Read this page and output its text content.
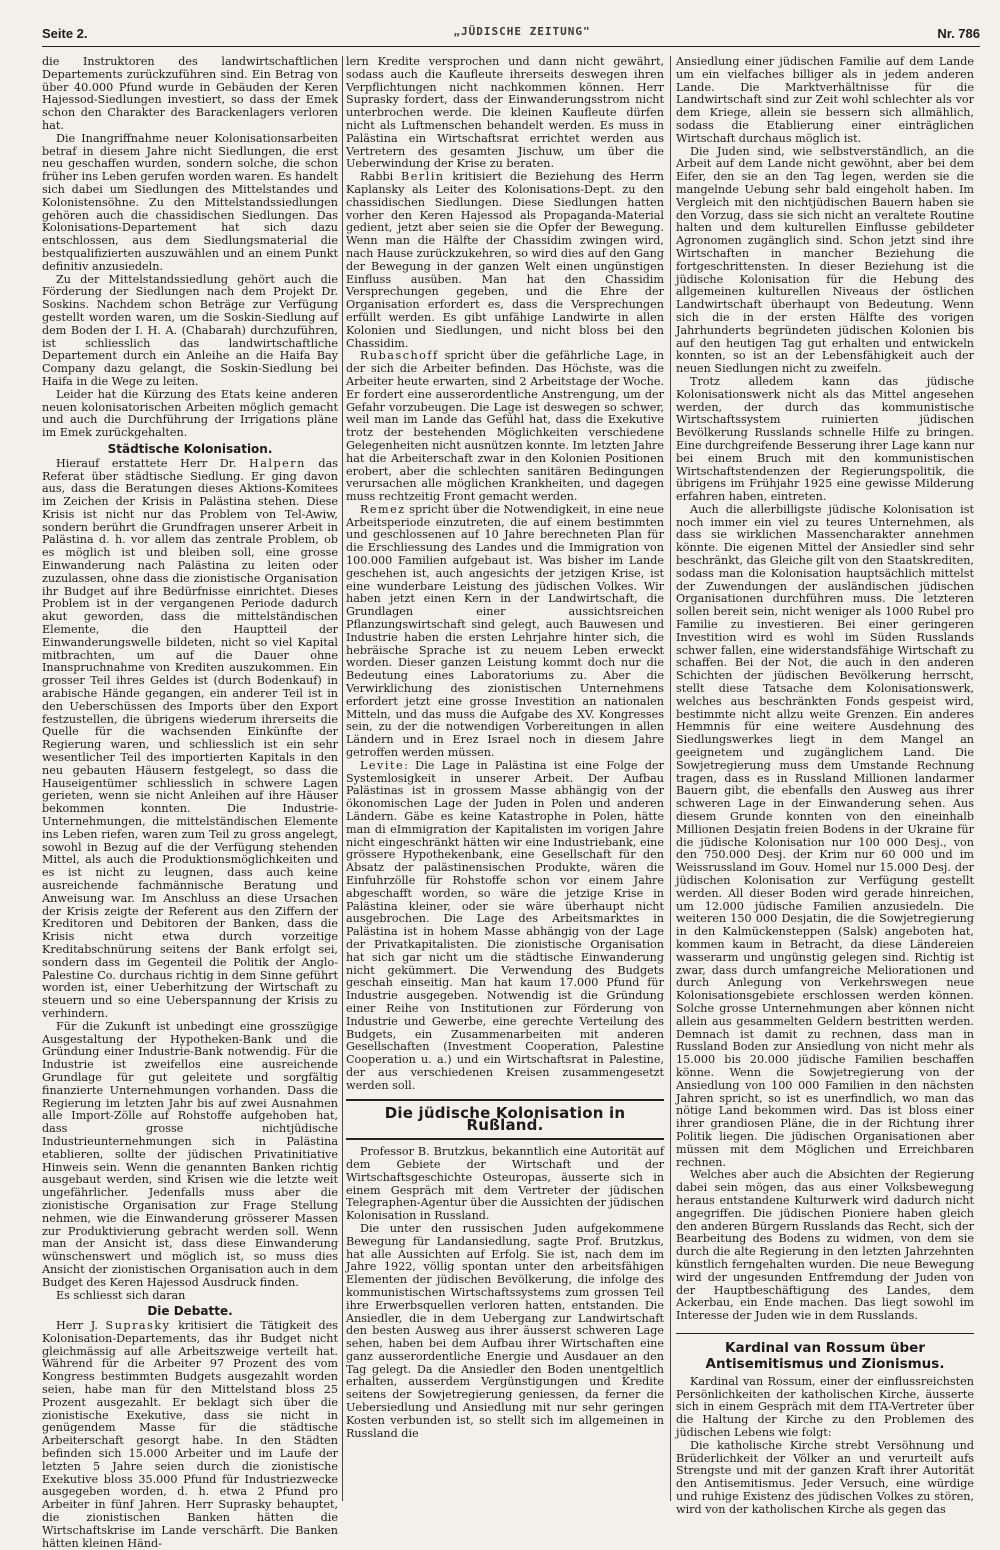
Seite 2.	„JÜDISCHE ZEITUNG"	Nr. 786

die Instruktoren des landwirtschaftlichen Departements zurückzuführen sind. Ein Betrag von über 40.000 Pfund wurde in Gebäuden der Keren Hajessod-Siedlungen investiert, so dass der Emek schon den Charakter des Barackenlagers verloren hat.

Die Inangriffnahme neuer Kolonisationsarbeiten betraf in diesem Jahre nicht Siedlungen, die erst neu geschaffen wurden, sondern solche, die schon früher ins Leben gerufen worden waren. Es handelt sich dabei um Siedlungen des Mittelstandes und Kolonistensöhne. Zu den Mittelstandssiedlungen gehören auch die chassidischen Siedlungen. Das Kolonisations-Departement hat sich dazu entschlossen, aus dem Siedlungsmaterial die bestqualifizierten auszuwählen und an einem Punkt definitiv anzusiedeln.

Zu der Mittelstandssiedlung gehört auch die Förderung der Siedlungen nach dem Projekt Dr. Soskins. Nachdem schon Beträge zur Verfügung gestellt worden waren, um die Soskin-Siedlung auf dem Boden der I. H. A. (Chabarah) durchzuführen, ist schliesslich das landwirtschaftliche Departement durch ein Anleihe an die Haifa Bay Company dazu gelangt, die Soskin-Siedlung bei Haifa in die Wege zu leiten.

Leider hat die Kürzung des Etats keine anderen neuen kolonisatorischen Arbeiten möglich gemacht und auch die Durchführung der Irrigations pläne im Emek zurückgehalten.

Städtische Kolonisation.

Hierauf erstattete Herr Dr. Halpern das Referat über städtische Siedlung. Er ging davon aus, dass die Beratungen dieses Aktions-Komitees im Zeichen der Krisis in Palästina stehen. Diese Krisis ist nicht nur das Problem von Tel-Awiw, sondern berührt die Grundfragen unserer Arbeit in Palästina d. h. vor allem das zentrale Problem, ob es möglich ist und bleiben soll, eine grosse Einwanderung nach Palästina zu leiten oder zuzulassen, ohne dass die zionistische Organisation ihr Budget auf ihre Bedürfnisse einrichtet. Dieses Problem ist in der vergangenen Periode dadurch akut geworden, dass die mittelständischen Elemente, die den Hauptteil der Einwanderungswelle bildeten, nicht so viel Kapital mitbrachten, um auf die Dauer ohne Inanspruchnahme von Krediten auszukommen. Ein grosser Teil ihres Geldes ist (durch Bodenkauf) in arabische Hände gegangen, ein anderer Teil ist in den Ueberschüssen des Imports über den Export festzustellen, die übrigens wiederum ihrerseits die Quelle für die wachsenden Einkünfte der Regierung waren, und schliesslich ist ein sehr wesentlicher Teil des importierten Kapitals in den neu gebauten Häusern festgelegt, so dass die Hauseigentümer schliesslich in schwere Lagen gerieten, wenn sie nicht Anleihen auf ihre Häuser bekommen konnten. Die Industrie-Unternehmungen, die mittelständischen Elemente ins Leben riefen, waren zum Teil zu gross angelegt, sowohl in Bezug auf die der Verfügung stehenden Mittel, als auch die Produktionsmöglichkeiten und es ist nicht zu leugnen, dass auch keine ausreichende fachmännische Beratung und Anweisung war. Im Anschluss an diese Ursachen der Krisis zeigte der Referent aus den Ziffern der Kreditoren und Debitoren der Banken, dass die Krisis nicht etwa durch vorzeitige Kreditabschnürung seitens der Bank erfolgt sei, sondern dass im Gegenteil die Politik der Anglo-Palestine Co. durchaus richtig in dem Sinne geführt worden ist, einer Ueberhitzung der Wirtschaft zu steuern und so eine Ueberspannung der Krisis zu verhindern.

Für die Zukunft ist unbedingt eine grosszügige Ausgestaltung der Hypotheken-Bank und die Gründung einer Industrie-Bank notwendig. Für die Industrie ist zweifellos eine ausreichende Grundlage für gut geleitete und sorgfältig finanzierte Unternehmungen vorhanden. Dass die Regierung im letzten Jahr bis auf zwei Ausnahmen alle Import-Zölle auf Rohstoffe aufgehoben hat, dass grosse nichtjüdische Industrieunternehmungen sich in Palästina etablieren, sollte der jüdischen Privatinitiative Hinweis sein. Wenn die genannten Banken richtig ausgebaut werden, sind Krisen wie die letzte weit ungefährlicher. Jedenfalls muss aber die zionistische Organisation zur Frage Stellung nehmen, wie die Einwanderung grösserer Massen zur Produktivierung gebracht werden soll. Wenn man der Ansicht ist, dass diese Einwanderung wünschenswert und möglich ist, so muss dies Ansicht der zionistischen Organisation auch in dem Budget des Keren Hajessod Ausdruck finden.

Es schliesst sich daran

Die Debatte.

Herr J. Suprasky kritisiert die Tätigkeit des Kolonisation-Departements, das ihr Budget nicht gleichmässig auf alle Arbeitszweige verteilt hat. Während für die Arbeiter 97 Prozent des vom Kongress bestimmten Budgets ausgezahlt worden seien, habe man für den Mittelstand bloss 25 Prozent ausgezahlt. Er beklagt sich über die zionistische Exekutive, dass sie nicht in genügendem Masse für die städtische Arbeiterschaft gesorgt habe. In den Städten befinden sich 15.000 Arbeiter und im Laufe der letzten 5 Jahre seien durch die zionistische Exekutive bloss 35.000 Pfund für Industriezwecke ausgegeben worden, d. h. etwa 2 Pfund pro Arbeiter in fünf Jahren. Herr Suprasky behauptet, die zionistischen Banken hätten die Wirtschaftskrise im Lande verschärft. Die Banken hätten kleinen Händ-

lern Kredite versprochen und dann nicht gewährt, sodass auch die Kaufleute ihrerseits deswegen ihren Verpflichtungen nicht nachkommen können. Herr Suprasky fordert, dass der Einwanderungsstrom nicht unterbrochen werde. Die kleinen Kaufleute dürfen nicht als Luftmenschen behandelt werden. Es muss in Palästina ein Wirtschaftsrat errichtet werden aus Vertretern des gesamten Jischuw, um über die Ueberwindung der Krise zu beraten.

Rabbi Berlin kritisiert die Beziehung des Herrn Kaplansky als Leiter des Kolonisations-Dept. zu den chassidischen Siedlungen. Diese Siedlungen hatten vorher den Keren Hajessod als Propaganda-Material gedient, jetzt aber seien sie die Opfer der Bewegung. Wenn man die Hälfte der Chassidim zwingen wird, nach Hause zurückzukehren, so wird dies auf den Gang der Bewegung in der ganzen Welt einen ungünstigen Einfluss ausüben. Man hat den Chassidim Versprechungen gegeben, und die Ehre der Organisation erfordert es, dass die Versprechungen erfüllt werden. Es gibt unfähige Landwirte in allen Kolonien und Siedlungen, und nicht bloss bei den Chassidim.

Rubaschoff spricht über die gefährliche Lage, in der sich die Arbeiter befinden. Das Höchste, was die Arbeiter heute erwarten, sind 2 Arbeitstage der Woche. Er fordert eine ausserordentliche Anstrengung, um der Gefahr vorzubeugen. Die Lage ist deswegen so schwer, weil man im Lande das Gefühl hat, dass die Exekutive trotz der bestehenden Möglichkeiten verschiedene Gelegenheiten nicht ausnützen konnte. Im letzten Jahre hat die Arbeiterschaft zwar in den Kolonien Positionen erobert, aber die schlechten sanitären Bedingungen verursachen alle möglichen Krankheiten, und dagegen muss rechtzeitig Front gemacht werden.

Remez spricht über die Notwendigkeit, in eine neue Arbeitsperiode einzutreten, die auf einem bestimmten und geschlossenen auf 10 Jahre berechneten Plan für die Erschliessung des Landes und die Immigration von 100.000 Familien aufgebaut ist. Was bisher im Lande geschehen ist, auch angesichts der jetzigen Krise, ist eine wunderbare Leistung des jüdischen Volkes. Wir haben jetzt einen Kern in der Landwirtschaft, die Grundlagen einer aussichtsreichen Pflanzungswirtschaft sind gelegt, auch Bauwesen und Industrie haben die ersten Lehrjahre hinter sich, die hebräische Sprache ist zu neuem Leben erweckt worden. Dieser ganzen Leistung kommt doch nur die Bedeutung eines Laboratoriums zu. Aber die Verwirklichung des zionistischen Unternehmens erfordert jetzt eine grosse Investition an nationalen Mitteln, und das muss die Aufgabe des XV. Kongresses sein, zu der die notwendigen Vorbereitungen in allen Ländern und in Erez Israel noch in diesem Jahre getroffen werden müssen.

Levite: Die Lage in Palästina ist eine Folge der Systemlosigkeit in unserer Arbeit. Der Aufbau Palästinas ist in grossem Masse abhängig von der ökonomischen Lage der Juden in Polen und anderen Ländern. Gäbe es keine Katastrophe in Polen, hätte man di eImmigration der Kapitalisten im vorigen Jahre nicht eingeschränkt hätten wir eine Industriebank, eine grössere Hypothekenbank, eine Gesellschaft für den Absatz der palästinensischen Produkte, wären die Einfuhrzölle für Rohstoffe schon vor einem Jahre abgeschafft worden, so wäre die jetzige Krise in Palästina kleiner, oder sie wäre überhaupt nicht ausgebrochen. Die Lage des Arbeitsmarktes in Palästina ist in hohem Masse abhängig von der Lage der Privatkapitalisten. Die zionistische Organisation hat sich gar nicht um die städtische Einwanderung nicht gekümmert. Die Verwendung des Budgets geschah einseitig. Man hat kaum 17.000 Pfund für Industrie ausgegeben. Notwendig ist die Gründung einer Reihe von Institutionen zur Förderung von Industrie und Gewerbe, eine gerechte Verteilung des Budgets, ein Zusammenarbeiten mit anderen Gesellschaften (Investment Cooperation, Palestine Cooperation u. a.) und ein Wirtschaftsrat in Palestine, der aus verschiedenen Kreisen zusammengesetzt werden soll.

Die jüdische Kolonisation in Rußland.

Professor B. Brutzkus, bekanntlich eine Autorität auf dem Gebiete der Wirtschaft und der Wirtschaftsgeschichte Osteuropas, äusserte sich in einem Gespräch mit dem Vertreter der jüdischen Telegraphen-Agentur über die Aussichten der jüdischen Kolonisation in Russland.

Die unter den russischen Juden aufgekommene Bewegung für Landansiedlung, sagte Prof. Brutzkus, hat alle Aussichten auf Erfolg. Sie ist, nach dem im Jahre 1922, völlig spontan unter den arbeitsfähigen Elementen der jüdischen Bevölkerung, die infolge des kommunistischen Wirtschaftssystems zum grossen Teil ihre Erwerbsquellen verloren hatten, entstanden. Die Ansiedler, die in dem Uebergang zur Landwirtschaft den besten Ausweg aus ihrer äusserst schweren Lage sehen, haben bei dem Aufbau ihrer Wirtschaften eine ganz ausserordentliche Energie und Ausdauer an den Tag gelegt. Da die Ansiedler den Boden unentgeltlich erhalten, ausserdem Vergünstigungen und Kredite seitens der Sowjetregierung geniessen, da ferner die Uebersiedlung und Ansiedlung mit nur sehr geringen Kosten verbunden ist, so stellt sich im allgemeinen in Russland die

Ansiedlung einer jüdischen Familie auf dem Lande um ein vielfaches billiger als in jedem anderen Lande. Die Marktverhältnisse für die Landwirtschaft sind zur Zeit wohl schlechter als vor dem Kriege, allein sie bessern sich allmählich, sodass die Etablierung einer einträglichen Wirtschaft durchaus möglich ist.

Die Juden sind, wie selbstverständlich, an die Arbeit auf dem Lande nicht gewöhnt, aber bei dem Eifer, den sie an den Tag legen, werden sie die mangelnde Uebung sehr bald eingeholt haben. Im Vergleich mit den nichtjüdischen Bauern haben sie den Vorzug, dass sie sich nicht an veraltete Routine halten und dem kulturellen Einflusse gebildeter Agronomen zugänglich sind. Schon jetzt sind ihre Wirtschaften in mancher Beziehung die fortgeschrittensten. In dieser Beziehung ist die jüdische Kolonisation für die Hebung des allgemeinen kulturellen Niveaus der östlichen Landwirtschaft überhaupt von Bedeutung. Wenn sich die in der ersten Hälfte des vorigen Jahrhunderts begründeten jüdischen Kolonien bis auf den heutigen Tag gut erhalten und entwickeln konnten, so ist an der Lebensfähigkeit auch der neuen Siedlungen nicht zu zweifeln.

Trotz alledem kann das jüdische Kolonisationswerk nicht als das Mittel angesehen werden, der durch das kommunistische Wirtschaftssystem ruinierten jüdischen Bevölkerung Russlands schnelle Hilfe zu bringen. Eine durchgreifende Besserung ihrer Lage kann nur bei einem Bruch mit den kommunistischen Wirtschaftstendenzen der Regierungspolitik, die übrigens im Frühjahr 1925 eine gewisse Milderung erfahren haben, eintreten.

Auch die allerbilligste jüdische Kolonisation ist noch immer ein viel zu teures Unternehmen, als dass sie wirklichen Massencharakter annehmen könnte. Die eigenen Mittel der Ansiedler sind sehr beschränkt, das Gleiche gilt von den Staatskrediten, sodass man die Kolonisation hauptsächlich mittelst der Zuwendungen der ausländischen jüdischen Organisationen durchführen muss. Die letzteren sollen bereit sein, nicht weniger als 1000 Rubel pro Familie zu investieren. Bei einer geringeren Investition wird es wohl im Süden Russlands schwer fallen, eine widerstandsfähige Wirtschaft zu schaffen. Bei der Not, die auch in den anderen Schichten der jüdischen Bevölkerung herrscht, stellt diese Tatsache dem Kolonisationswerk, welches aus beschränkten Fonds gespeist wird, bestimmte nicht allzu weite Grenzen. Ein anderes Hemmnis für eine weitere Ausdehnung des Siedlungswerkes liegt in dem Mangel an geeignetem und zugänglichem Land. Die Sowjetregierung muss dem Umstande Rechnung tragen, dass es in Russland Millionen landarmer Bauern gibt, die ebenfalls den Ausweg aus ihrer schweren Lage in der Einwanderung sehen. Aus diesem Grunde konnten von den eineinhalb Millionen Desjatin freien Bodens in der Ukraine für die jüdische Kolonisation nur 100 000 Desj., von den 750.000 Desj. der Krim nur 60 000 und im Weissrussland im Gouv. Homel nur 15.000 Desj. der jüdischen Kolonisation zur Verfügung gestellt werden. All dieser Boden wird gerade hinreichen, um 12.000 jüdische Familien anzusiedeln. Die weiteren 150 000 Desjatin, die die Sowjetregierung in den Kalmückensteppen (Salsk) angeboten hat, kommen kaum in Betracht, da diese Ländereien wasserarm und ungünstig gelegen sind. Richtig ist zwar, dass durch umfangreiche Meliorationen und durch Anlegung von Verkehrswegen neue Kolonisationsgebiete erschlossen werden können. Solche grosse Unternehmungen aber können nicht allein aus gesammelten Geldern bestritten werden. Demnach ist damit zu rechnen, dass man in Russland Boden zur Ansiedlung von nicht mehr als 15.000 bis 20.000 jüdische Familien beschaffen könne. Wenn die Sowjetregierung von der Ansiedlung von 100 000 Familien in den nächsten Jahren spricht, so ist es unerfindlich, wo man das nötige Land bekommen wird. Das ist bloss einer ihrer grandiosen Pläne, die in der Richtung ihrer Politik liegen. Die jüdischen Organisationen aber müssen mit dem Möglichen und Erreichbaren rechnen.

Welches aber auch die Absichten der Regierung dabei sein mögen, das aus einer Volksbewegung heraus entstandene Kulturwerk wird dadurch nicht angegriffen. Die jüdischen Pioniere haben gleich den anderen Bürgern Russlands das Recht, sich der Bearbeitung des Bodens zu widmen, von dem sie durch die alte Regierung in den letzten Jahrzehnten künstlich ferngehalten wurden. Die neue Bewegung wird der ungesunden Entfremdung der Juden von der Hauptbeschäftigung des Landes, dem Ackerbau, ein Ende machen. Das liegt sowohl im Interesse der Juden wie in dem Russlands.

Kardinal van Rossum über Antisemitismus und Zionismus.

Kardinal van Rossum, einer der einflussreichsten Persönlichkeiten der katholischen Kirche, äusserte sich in einem Gespräch mit dem ITA-Vertreter über die Haltung der Kirche zu den Problemen des jüdischen Lebens wie folgt:

Die katholische Kirche strebt Versöhnung und Brüderlichkeit der Völker an und verurteilt aufs Strengste und mit der ganzen Kraft ihrer Autorität den Antisemitismus. Jeder Versuch, eine würdige und ruhige Existenz des jüdischen Volkes zu stören, wird von der katholischen Kirche als gegen das
